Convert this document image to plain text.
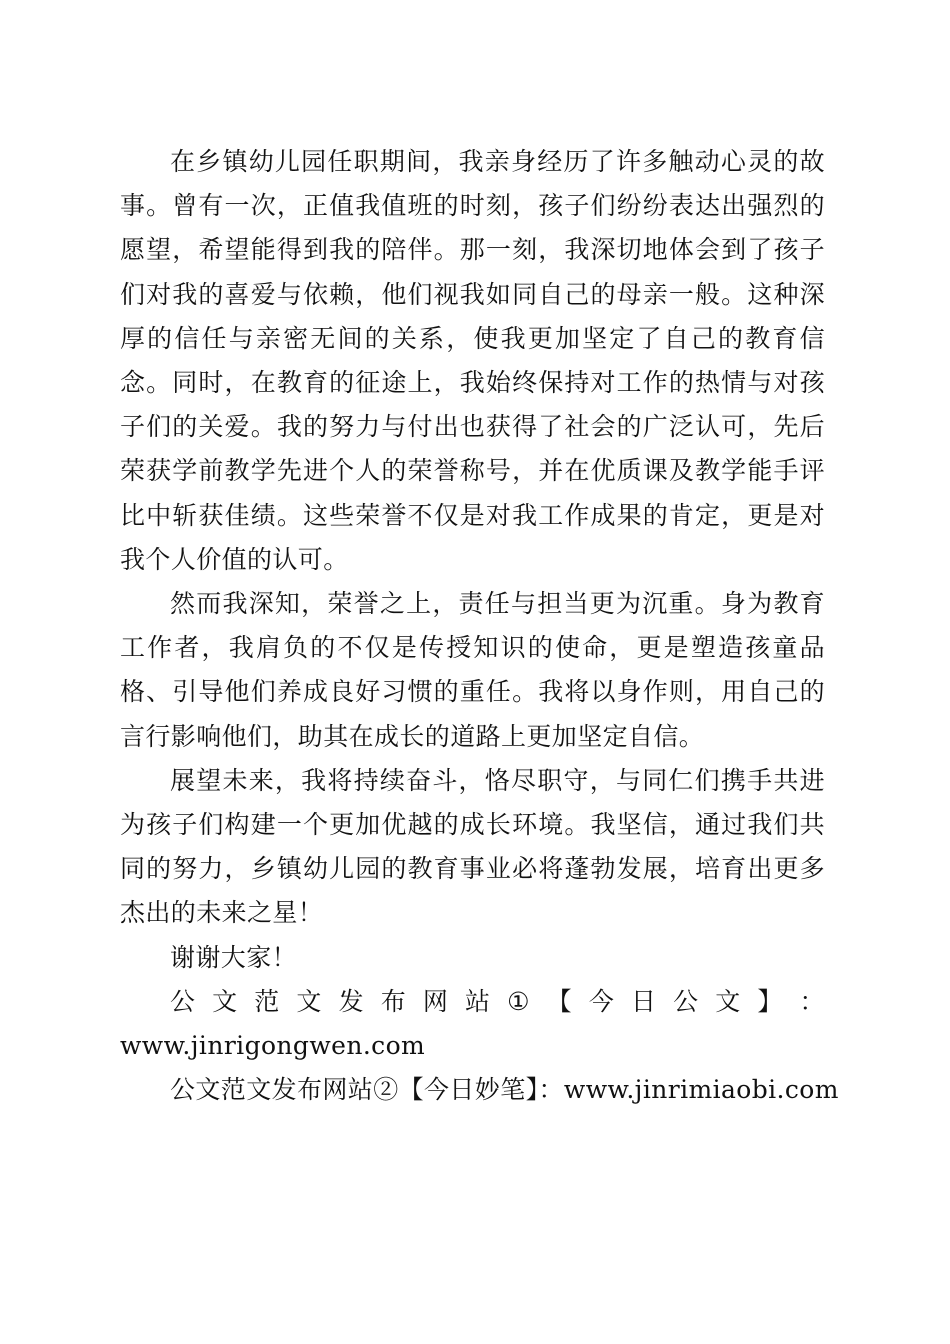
在乡镇幼儿园任职期间，我亲身经历了许多触动心灵的故事。曾有一次，正值我值班的时刻，孩子们纷纷表达出强烈的愿望，希望能得到我的陪伴。那一刻，我深切地体会到了孩子们对我的喜爱与依赖，他们视我如同自己的母亲一般。这种深厚的信任与亲密无间的关系，使我更加坚定了自己的教育信念。同时，在教育的征途上，我始终保持对工作的热情与对孩子们的关爱。我的努力与付出也获得了社会的广泛认可，先后荣获学前教学先进个人的荣誉称号，并在优质课及教学能手评比中斩获佳绩。这些荣誉不仅是对我工作成果的肯定，更是对我个人价值的认可。

然而我深知，荣誉之上，责任与担当更为沉重。身为教育工作者，我肩负的不仅是传授知识的使命，更是塑造孩童品格、引导他们养成良好习惯的重任。我将以身作则，用自己的言行影响他们，助其在成长的道路上更加坚定自信。

展望未来，我将持续奋斗，恪尽职守，与同仁们携手共进为孩子们构建一个更加优越的成长环境。我坚信，通过我们共同的努力，乡镇幼儿园的教育事业必将蓬勃发展，培育出更多杰出的未来之星！

谢谢大家！

公 文 范 文 发 布 网 站 ① 【 今 日 公 文 】 ：

www.jinrigongwen.com

公文范文发布网站②【今日妙笔】：www.jinrimiaobi.com
